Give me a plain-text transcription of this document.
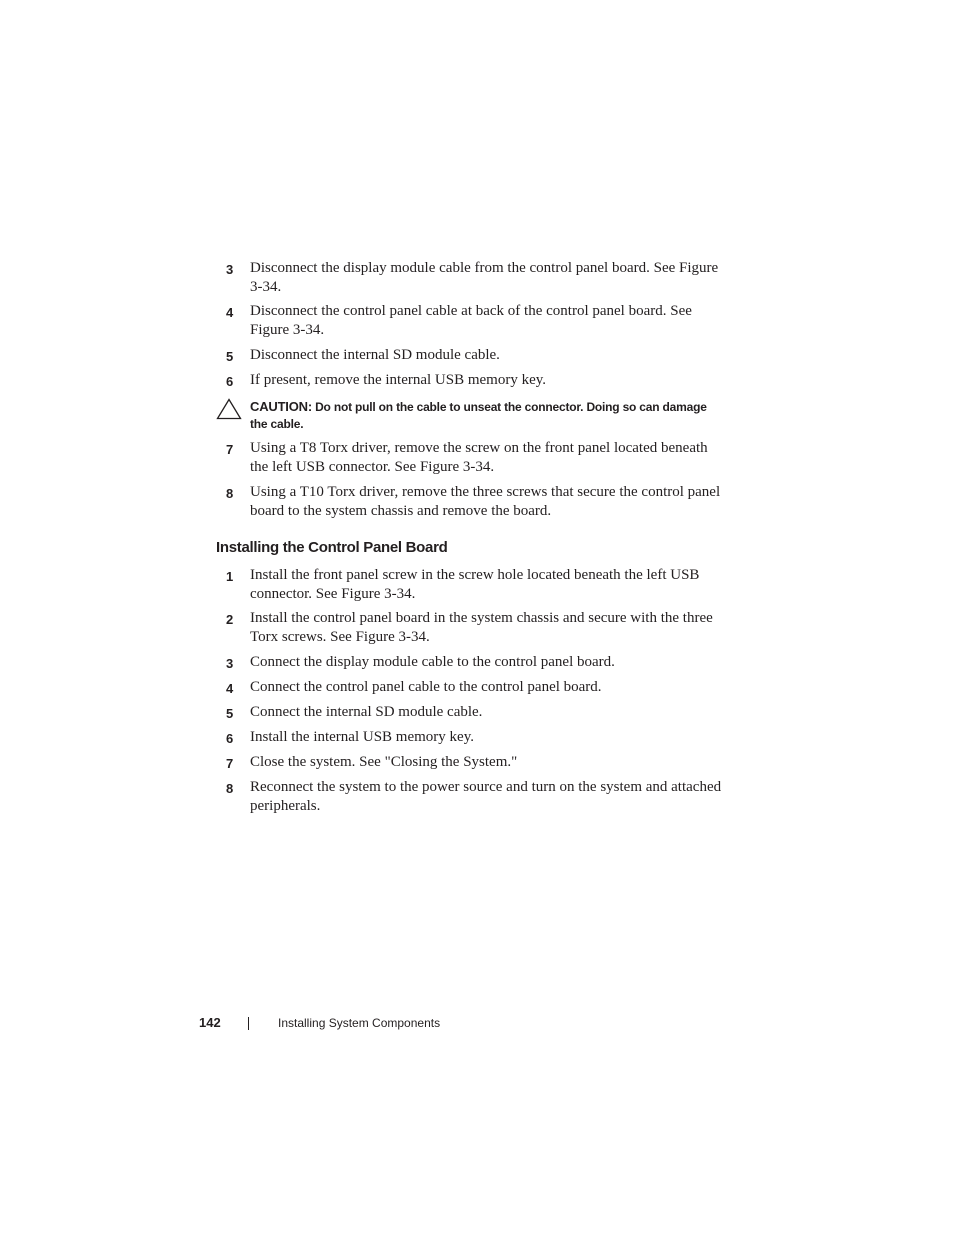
3 Disconnect the display module cable from the control panel board. See Figure 3-34.
4 Disconnect the control panel cable at back of the control panel board. See Figure 3-34.
5 Disconnect the internal SD module cable.
6 If present, remove the internal USB memory key.
CAUTION: Do not pull on the cable to unseat the connector. Doing so can damage the cable.
7 Using a T8 Torx driver, remove the screw on the front panel located beneath the left USB connector. See Figure 3-34.
8 Using a T10 Torx driver, remove the three screws that secure the control panel board to the system chassis and remove the board.
Installing the Control Panel Board
1 Install the front panel screw in the screw hole located beneath the left USB connector. See Figure 3-34.
2 Install the control panel board in the system chassis and secure with the three Torx screws. See Figure 3-34.
3 Connect the display module cable to the control panel board.
4 Connect the control panel cable to the control panel board.
5 Connect the internal SD module cable.
6 Install the internal USB memory key.
7 Close the system. See "Closing the System."
8 Reconnect the system to the power source and turn on the system and attached peripherals.
142	Installing System Components
